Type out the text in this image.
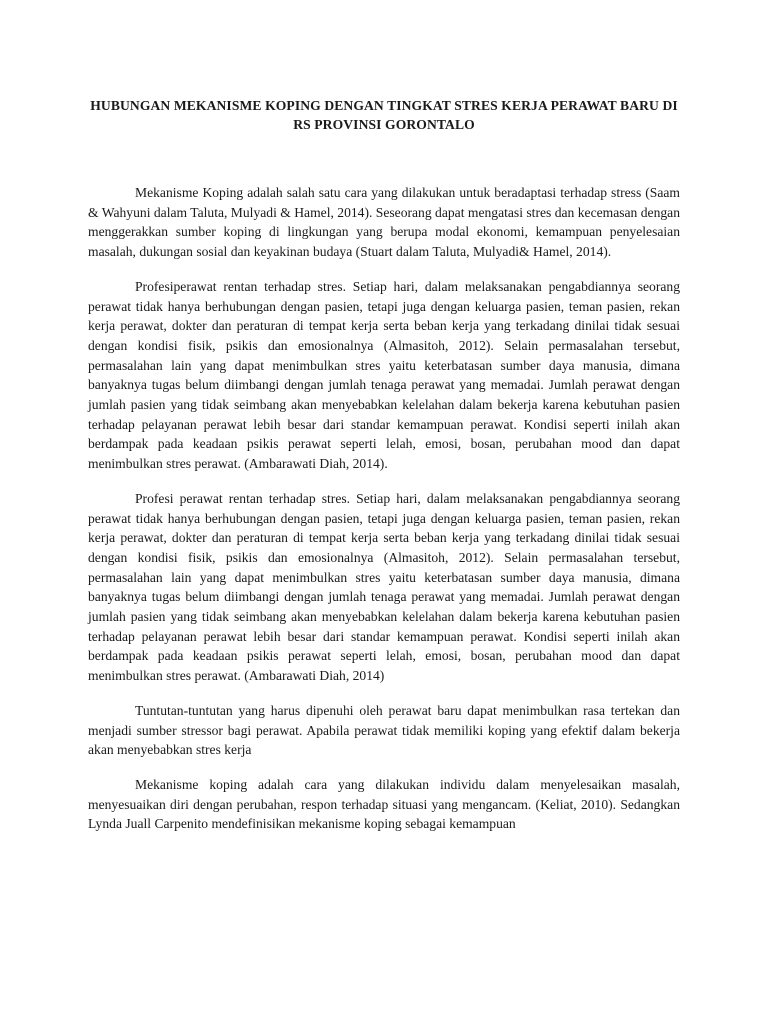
HUBUNGAN MEKANISME KOPING DENGAN TINGKAT STRES KERJA PERAWAT BARU DI RS PROVINSI GORONTALO

Mekanisme Koping adalah salah satu cara yang dilakukan untuk beradaptasi terhadap stress (Saam & Wahyuni dalam Taluta, Mulyadi & Hamel, 2014). Seseorang dapat mengatasi stres dan kecemasan dengan menggerakkan sumber koping di lingkungan yang berupa modal ekonomi, kemampuan penyelesaian masalah, dukungan sosial dan keyakinan budaya (Stuart dalam Taluta, Mulyadi& Hamel, 2014).

Profesiperawat rentan terhadap stres. Setiap hari, dalam melaksanakan pengabdiannya seorang perawat tidak hanya berhubungan dengan pasien, tetapi juga dengan keluarga pasien, teman pasien, rekan kerja perawat, dokter dan peraturan di tempat kerja serta beban kerja yang terkadang dinilai tidak sesuai dengan kondisi fisik, psikis dan emosionalnya (Almasitoh, 2012). Selain permasalahan tersebut, permasalahan lain yang dapat menimbulkan stres yaitu keterbatasan sumber daya manusia, dimana banyaknya tugas belum diimbangi dengan jumlah tenaga perawat yang memadai. Jumlah perawat dengan jumlah pasien yang tidak seimbang akan menyebabkan kelelahan dalam bekerja karena kebutuhan pasien terhadap pelayanan perawat lebih besar dari standar kemampuan perawat. Kondisi seperti inilah akan berdampak pada keadaan psikis perawat seperti lelah, emosi, bosan, perubahan mood dan dapat menimbulkan stres perawat. (Ambarawati Diah, 2014).

Profesi perawat rentan terhadap stres. Setiap hari, dalam melaksanakan pengabdiannya seorang perawat tidak hanya berhubungan dengan pasien, tetapi juga dengan keluarga pasien, teman pasien, rekan kerja perawat, dokter dan peraturan di tempat kerja serta beban kerja yang terkadang dinilai tidak sesuai dengan kondisi fisik, psikis dan emosionalnya (Almasitoh, 2012). Selain permasalahan tersebut, permasalahan lain yang dapat menimbulkan stres yaitu keterbatasan sumber daya manusia, dimana banyaknya tugas belum diimbangi dengan jumlah tenaga perawat yang memadai. Jumlah perawat dengan jumlah pasien yang tidak seimbang akan menyebabkan kelelahan dalam bekerja karena kebutuhan pasien terhadap pelayanan perawat lebih besar dari standar kemampuan perawat. Kondisi seperti inilah akan berdampak pada keadaan psikis perawat seperti lelah, emosi, bosan, perubahan mood dan dapat menimbulkan stres perawat. (Ambarawati Diah, 2014)

Tuntutan-tuntutan yang harus dipenuhi oleh perawat baru dapat menimbulkan rasa tertekan dan menjadi sumber stressor bagi perawat. Apabila perawat tidak memiliki koping yang efektif dalam bekerja akan menyebabkan stres kerja

Mekanisme koping adalah cara yang dilakukan individu dalam menyelesaikan masalah, menyesuaikan diri dengan perubahan, respon terhadap situasi yang mengancam. (Keliat, 2010). Sedangkan Lynda Juall Carpenito mendefinisikan mekanisme koping sebagai kemampuan
